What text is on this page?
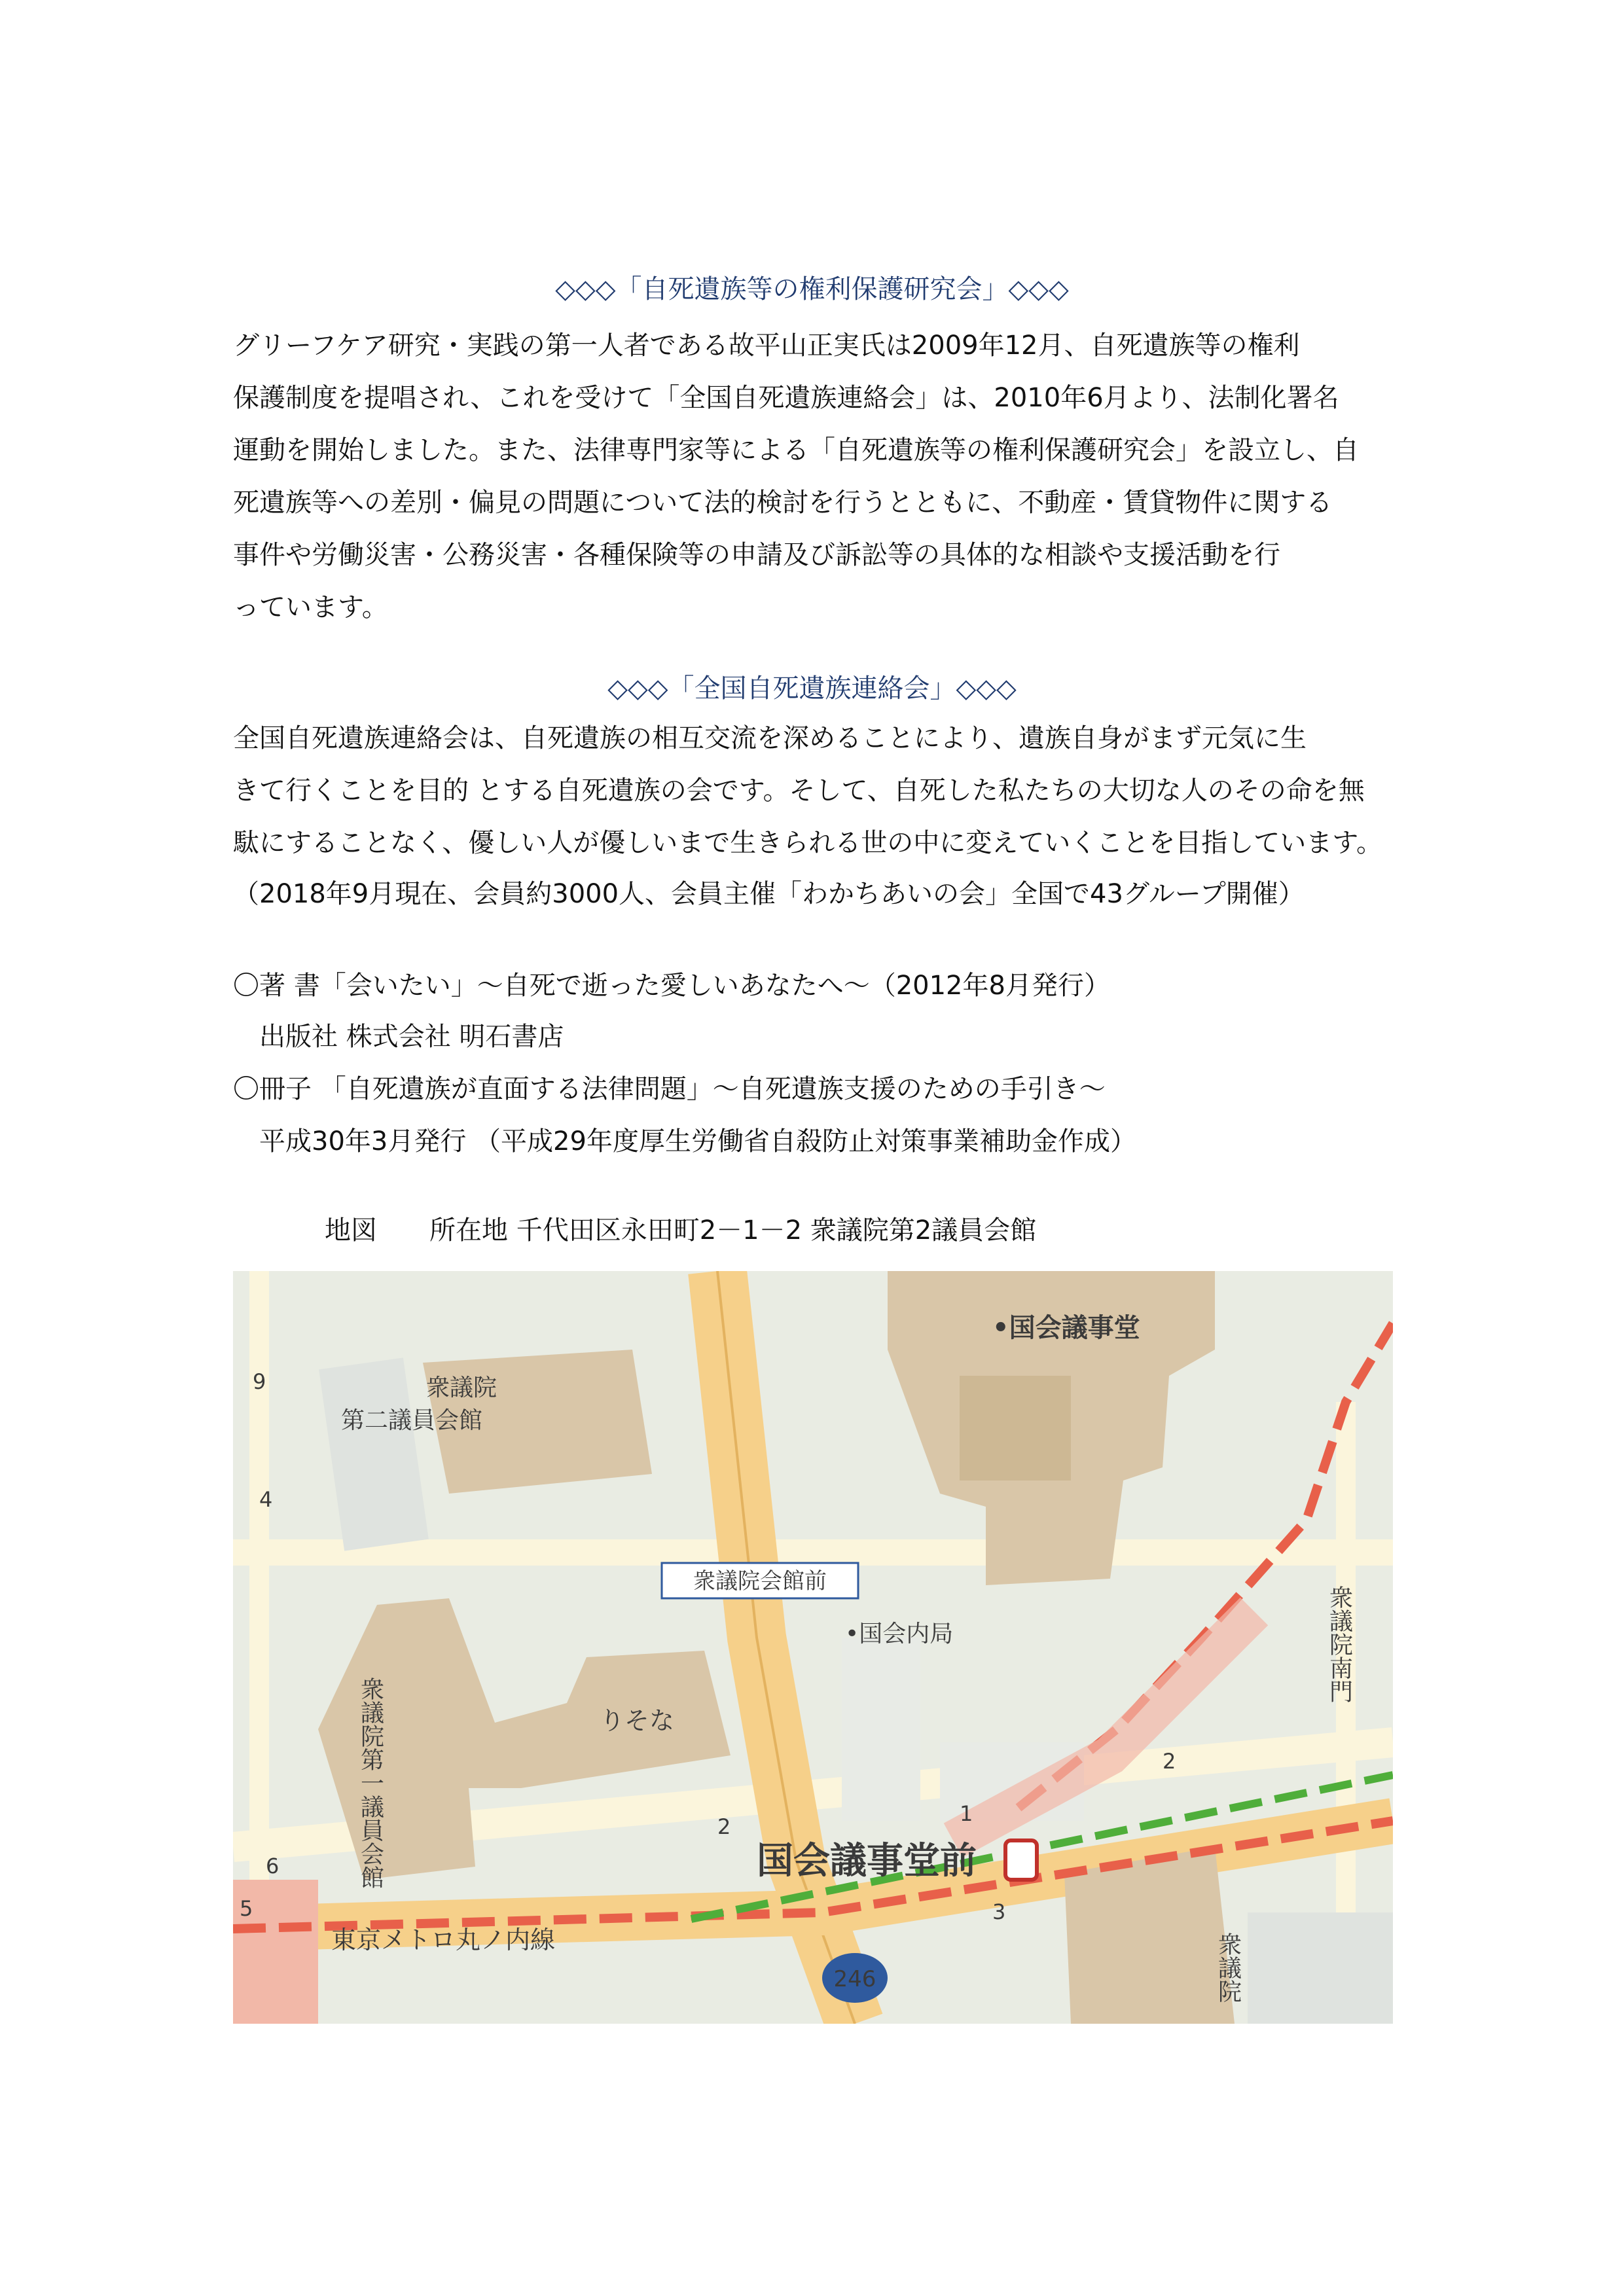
◇◇◇「自死遺族等の権利保護研究会」◇◇◇
グリーフケア研究・実践の第一人者である故平山正実氏は2009年12月、自死遺族等の権利
保護制度を提唱され、これを受けて「全国自死遺族連絡会」は、2010年6月より、法制化署名
運動を開始しました。また、法律専門家等による「自死遺族等の権利保護研究会」を設立し、自
死遺族等への差別・偏見の問題について法的検討を行うとともに、不動産・賃貸物件に関する
事件や労働災害・公務災害・各種保険等の申請及び訴訟等の具体的な相談や支援活動を行
っています。
◇◇◇「全国自死遺族連絡会」◇◇◇
全国自死遺族連絡会は、自死遺族の相互交流を深めることにより、遺族自身がまず元気に生
きて行くことを目的 とする自死遺族の会です。そして、自死した私たちの大切な人のその命を無
駄にすることなく、優しい人が優しいまで生きられる世の中に変えていくことを目指しています。
（2018年9月現在、会員約3000人、会員主催「わかちあいの会」全国で43グループ開催）
〇著 書「会いたい」～自死で逝った愛しいあなたへ～（2012年8月発行）
　出版社 株式会社 明石書店
〇冊子 「自死遺族が直面する法律問題」～自死遺族支援のための手引き～
　平成30年3月発行 （平成29年度厚生労働省自殺防止対策事業補助金作成）
地図　　所在地 千代田区永田町2－1－2 衆議院第2議員会館
衆議院会館前
•国会議事堂
衆議院
第二議員会館
•国会内局
りそな
衆議院第一議員会館
衆議院南門
衆議院
国会議事堂前
東京メトロ丸ノ内線
246
1
2
2
3
4
5
6
9
